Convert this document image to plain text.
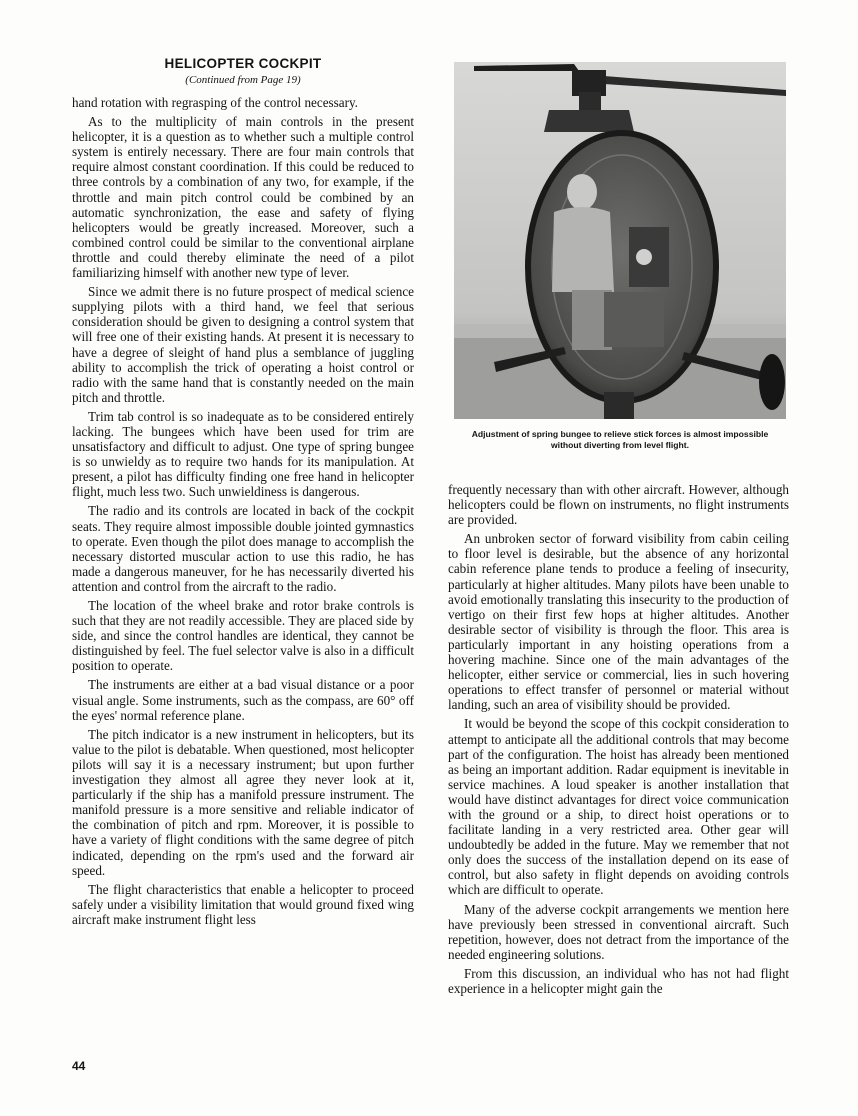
HELICOPTER COCKPIT
(Continued from Page 19)

hand rotation with regrasping of the control necessary.

As to the multiplicity of main controls in the present helicopter, it is a question as to whether such a multiple control system is entirely necessary. There are four main controls that require almost constant coordination. If this could be reduced to three controls by a combination of any two, for example, if the throttle and main pitch control could be combined by an automatic synchronization, the ease and safety of flying helicopters would be greatly increased. Moreover, such a combined control could be similar to the conventional airplane throttle and could thereby eliminate the need of a pilot familiarizing himself with another new type of lever.

Since we admit there is no future prospect of medical science supplying pilots with a third hand, we feel that serious consideration should be given to designing a control system that will free one of their existing hands. At present it is necessary to have a degree of sleight of hand plus a semblance of juggling ability to accomplish the trick of operating a hoist control or radio with the same hand that is constantly needed on the main pitch and throttle.

Trim tab control is so inadequate as to be considered entirely lacking. The bungees which have been used for trim are unsatisfactory and difficult to adjust. One type of spring bungee is so unwieldy as to require two hands for its manipulation. At present, a pilot has difficulty finding one free hand in helicopter flight, much less two. Such unwieldiness is dangerous.

The radio and its controls are located in back of the cockpit seats. They require almost impossible double jointed gymnastics to operate. Even though the pilot does manage to accomplish the necessary distorted muscular action to use this radio, he has made a dangerous maneuver, for he has necessarily diverted his attention and control from the aircraft to the radio.

The location of the wheel brake and rotor brake controls is such that they are not readily accessible. They are placed side by side, and since the control handles are identical, they cannot be distinguished by feel. The fuel selector valve is also in a difficult position to operate.

The instruments are either at a bad visual distance or a poor visual angle. Some instruments, such as the compass, are 60° off the eyes' normal reference plane.

The pitch indicator is a new instrument in helicopters, but its value to the pilot is debatable. When questioned, most helicopter pilots will say it is a necessary instrument; but upon further investigation they almost all agree they never look at it, particularly if the ship has a manifold pressure instrument. The manifold pressure is a more sensitive and reliable indicator of the combination of pitch and rpm. Moreover, it is possible to have a variety of flight conditions with the same degree of pitch indicated, depending on the rpm's used and the forward air speed.

The flight characteristics that enable a helicopter to proceed safely under a visibility limitation that would ground fixed wing aircraft make instrument flight less

Adjustment of spring bungee to relieve stick forces is almost impossible without diverting from level flight.

frequently necessary than with other aircraft. However, although helicopters could be flown on instruments, no flight instruments are provided.

An unbroken sector of forward visibility from cabin ceiling to floor level is desirable, but the absence of any horizontal cabin reference plane tends to produce a feeling of insecurity, particularly at higher altitudes. Many pilots have been unable to avoid emotionally translating this insecurity to the production of vertigo on their first few hops at higher altitudes. Another desirable sector of visibility is through the floor. This area is particularly important in any hoisting operations from a hovering machine. Since one of the main advantages of the helicopter, either service or commercial, lies in such hovering operations to effect transfer of personnel or material without landing, such an area of visibility should be provided.

It would be beyond the scope of this cockpit consideration to attempt to anticipate all the additional controls that may become part of the configuration. The hoist has already been mentioned as being an important addition. Radar equipment is inevitable in service machines. A loud speaker is another installation that would have distinct advantages for direct voice communication with the ground or a ship, to direct hoist operations or to facilitate landing in a very restricted area. Other gear will undoubtedly be added in the future. May we remember that not only does the success of the installation depend on its ease of control, but also safety in flight depends on avoiding controls which are difficult to operate.

Many of the adverse cockpit arrangements we mention here have previously been stressed in conventional aircraft. Such repetition, however, does not detract from the importance of the needed engineering solutions.

From this discussion, an individual who has not had flight experience in a helicopter might gain the

44
